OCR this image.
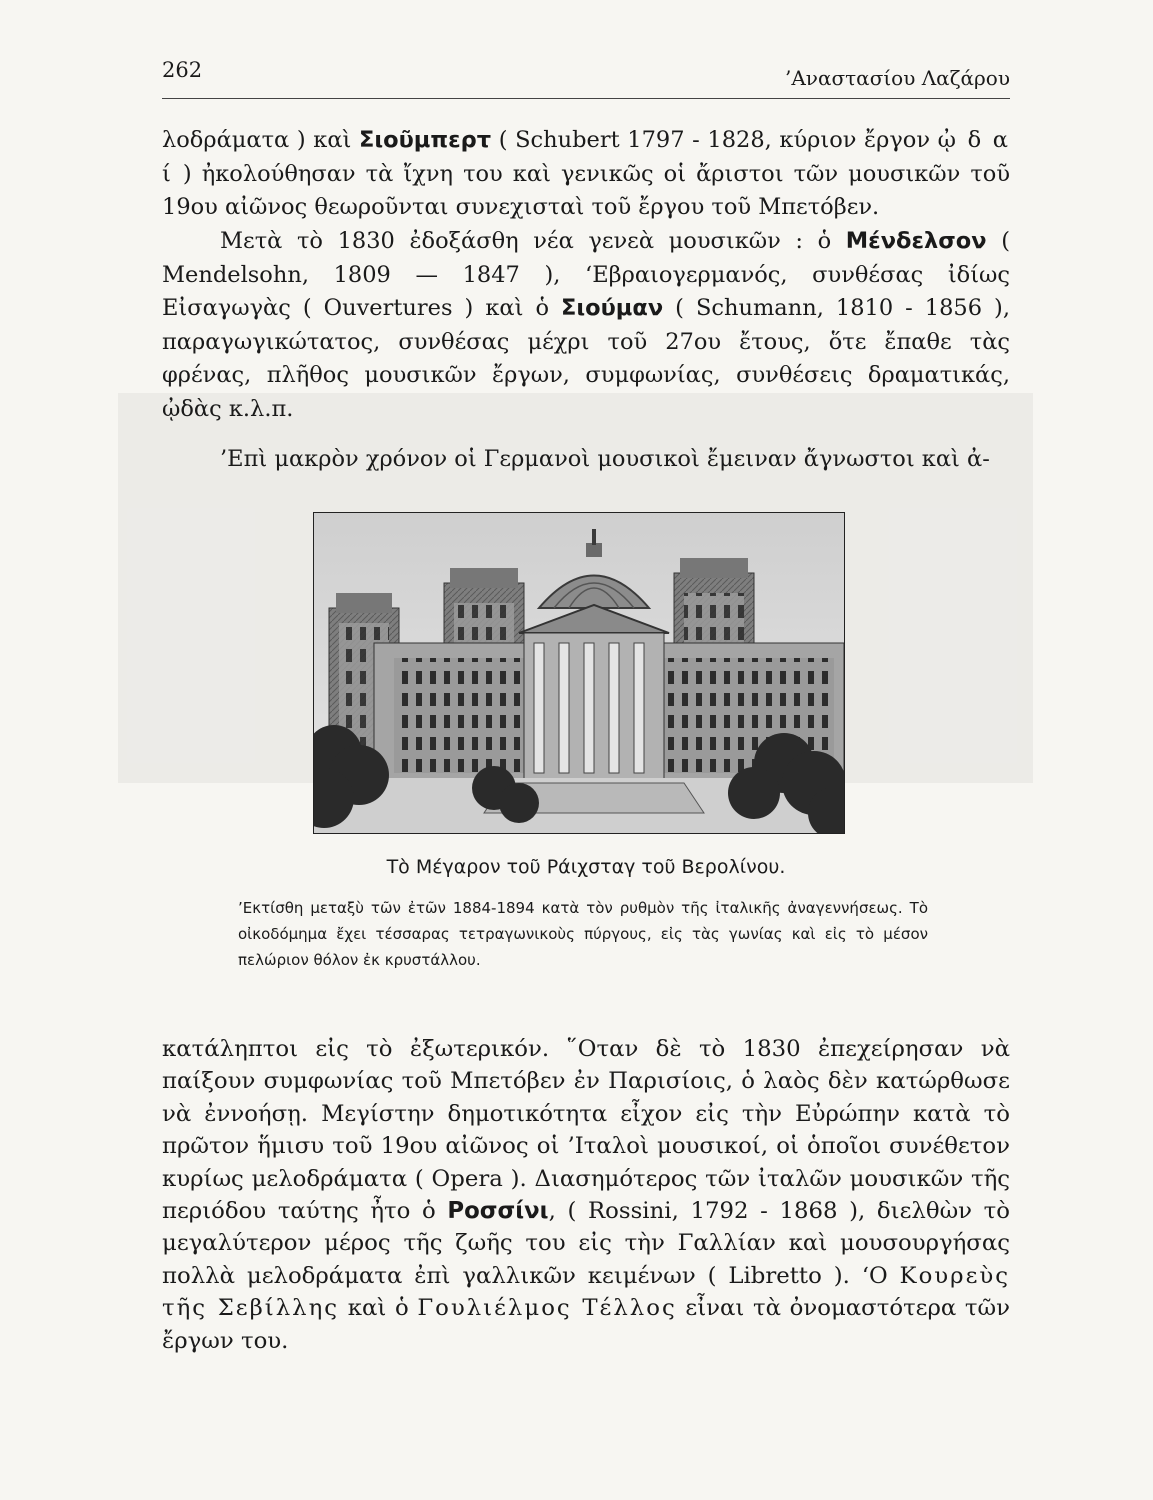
262	’Αναστασίου Λαζάρου

λοδράματα ) καὶ Σιοῦμπερτ ( Schubert 1797 - 1828, κύριον ἔργον ᾠ δ α ί ) ἠκολούθησαν τὰ ἴχνη του καὶ γενικῶς οἱ ἄριστοι τῶν μουσικῶν τοῦ 19ου αἰῶνος θεωροῦνται συνεχισταὶ τοῦ ἔργου τοῦ Μπετόβεν.

Μετὰ τὸ 1830 ἐδοξάσθη νέα γενεὰ μουσικῶν : ὁ Μένδελσον ( Mendelsohn, 1809 — 1847 ), ‘Εβραιογερμανός, συνθέσας ἰδίως Εἰσαγωγὰς ( Ouvertures ) καὶ ὁ Σιούμαν ( Schumann, 1810 - 1856 ), παραγωγικώτατος, συνθέσας μέχρι τοῦ 27ου ἔτους, ὅτε ἔπαθε τὰς φρένας, πλῆθος μουσικῶν ἔργων, συμφωνίας, συνθέσεις δραματικάς, ᾠδὰς κ.λ.π.

’Επὶ μακρὸν χρόνον οἱ Γερμανοὶ μουσικοὶ ἔμειναν ἄγνωστοι καὶ ἀ-

Τὸ Μέγαρον τοῦ Ράιχσταγ τοῦ Βερολίνου.

’Εκτίσθη μεταξὺ τῶν ἐτῶν 1884-1894 κατὰ τὸν ρυθμὸν τῆς ἰταλικῆς ἀναγεννήσεως. Τὸ οἰκοδόμημα ἔχει τέσσαρας τετραγωνικοὺς πύργους, εἰς τὰς γωνίας καὶ εἰς τὸ μέσον πελώριον θόλον ἐκ κρυστάλλου.

κατάληπτοι εἰς τὸ ἐξωτερικόν. ῞Οταν δὲ τὸ 1830 ἐπεχείρησαν νὰ παίξουν συμφωνίας τοῦ Μπετόβεν ἐν Παρισίοις, ὁ λαὸς δὲν κατώρθωσε νὰ ἐννοήσῃ. Μεγίστην δημοτικότητα εἶχον εἰς τὴν Εὐρώπην κατὰ τὸ πρῶτον ἥμισυ τοῦ 19ου αἰῶνος οἱ ’Ιταλοὶ μουσικοί, οἱ ὁποῖοι συνέθετον κυρίως μελοδράματα ( Opera ). Διασημότερος τῶν ἰταλῶν μουσικῶν τῆς περιόδου ταύτης ἦτο ὁ Ροσσίνι, ( Rossini, 1792 - 1868 ), διελθὼν τὸ μεγαλύτερον μέρος τῆς ζωῆς του εἰς τὴν Γαλλίαν καὶ μουσουργήσας πολλὰ μελοδράματα ἐπὶ γαλλικῶν κειμένων ( Libretto ). ‘Ο Κουρεὺς τῆς Σεβίλλης καὶ ὁ Γουλιέλμος Τέλλος εἶναι τὰ ὀνομαστότερα τῶν ἔργων του.
